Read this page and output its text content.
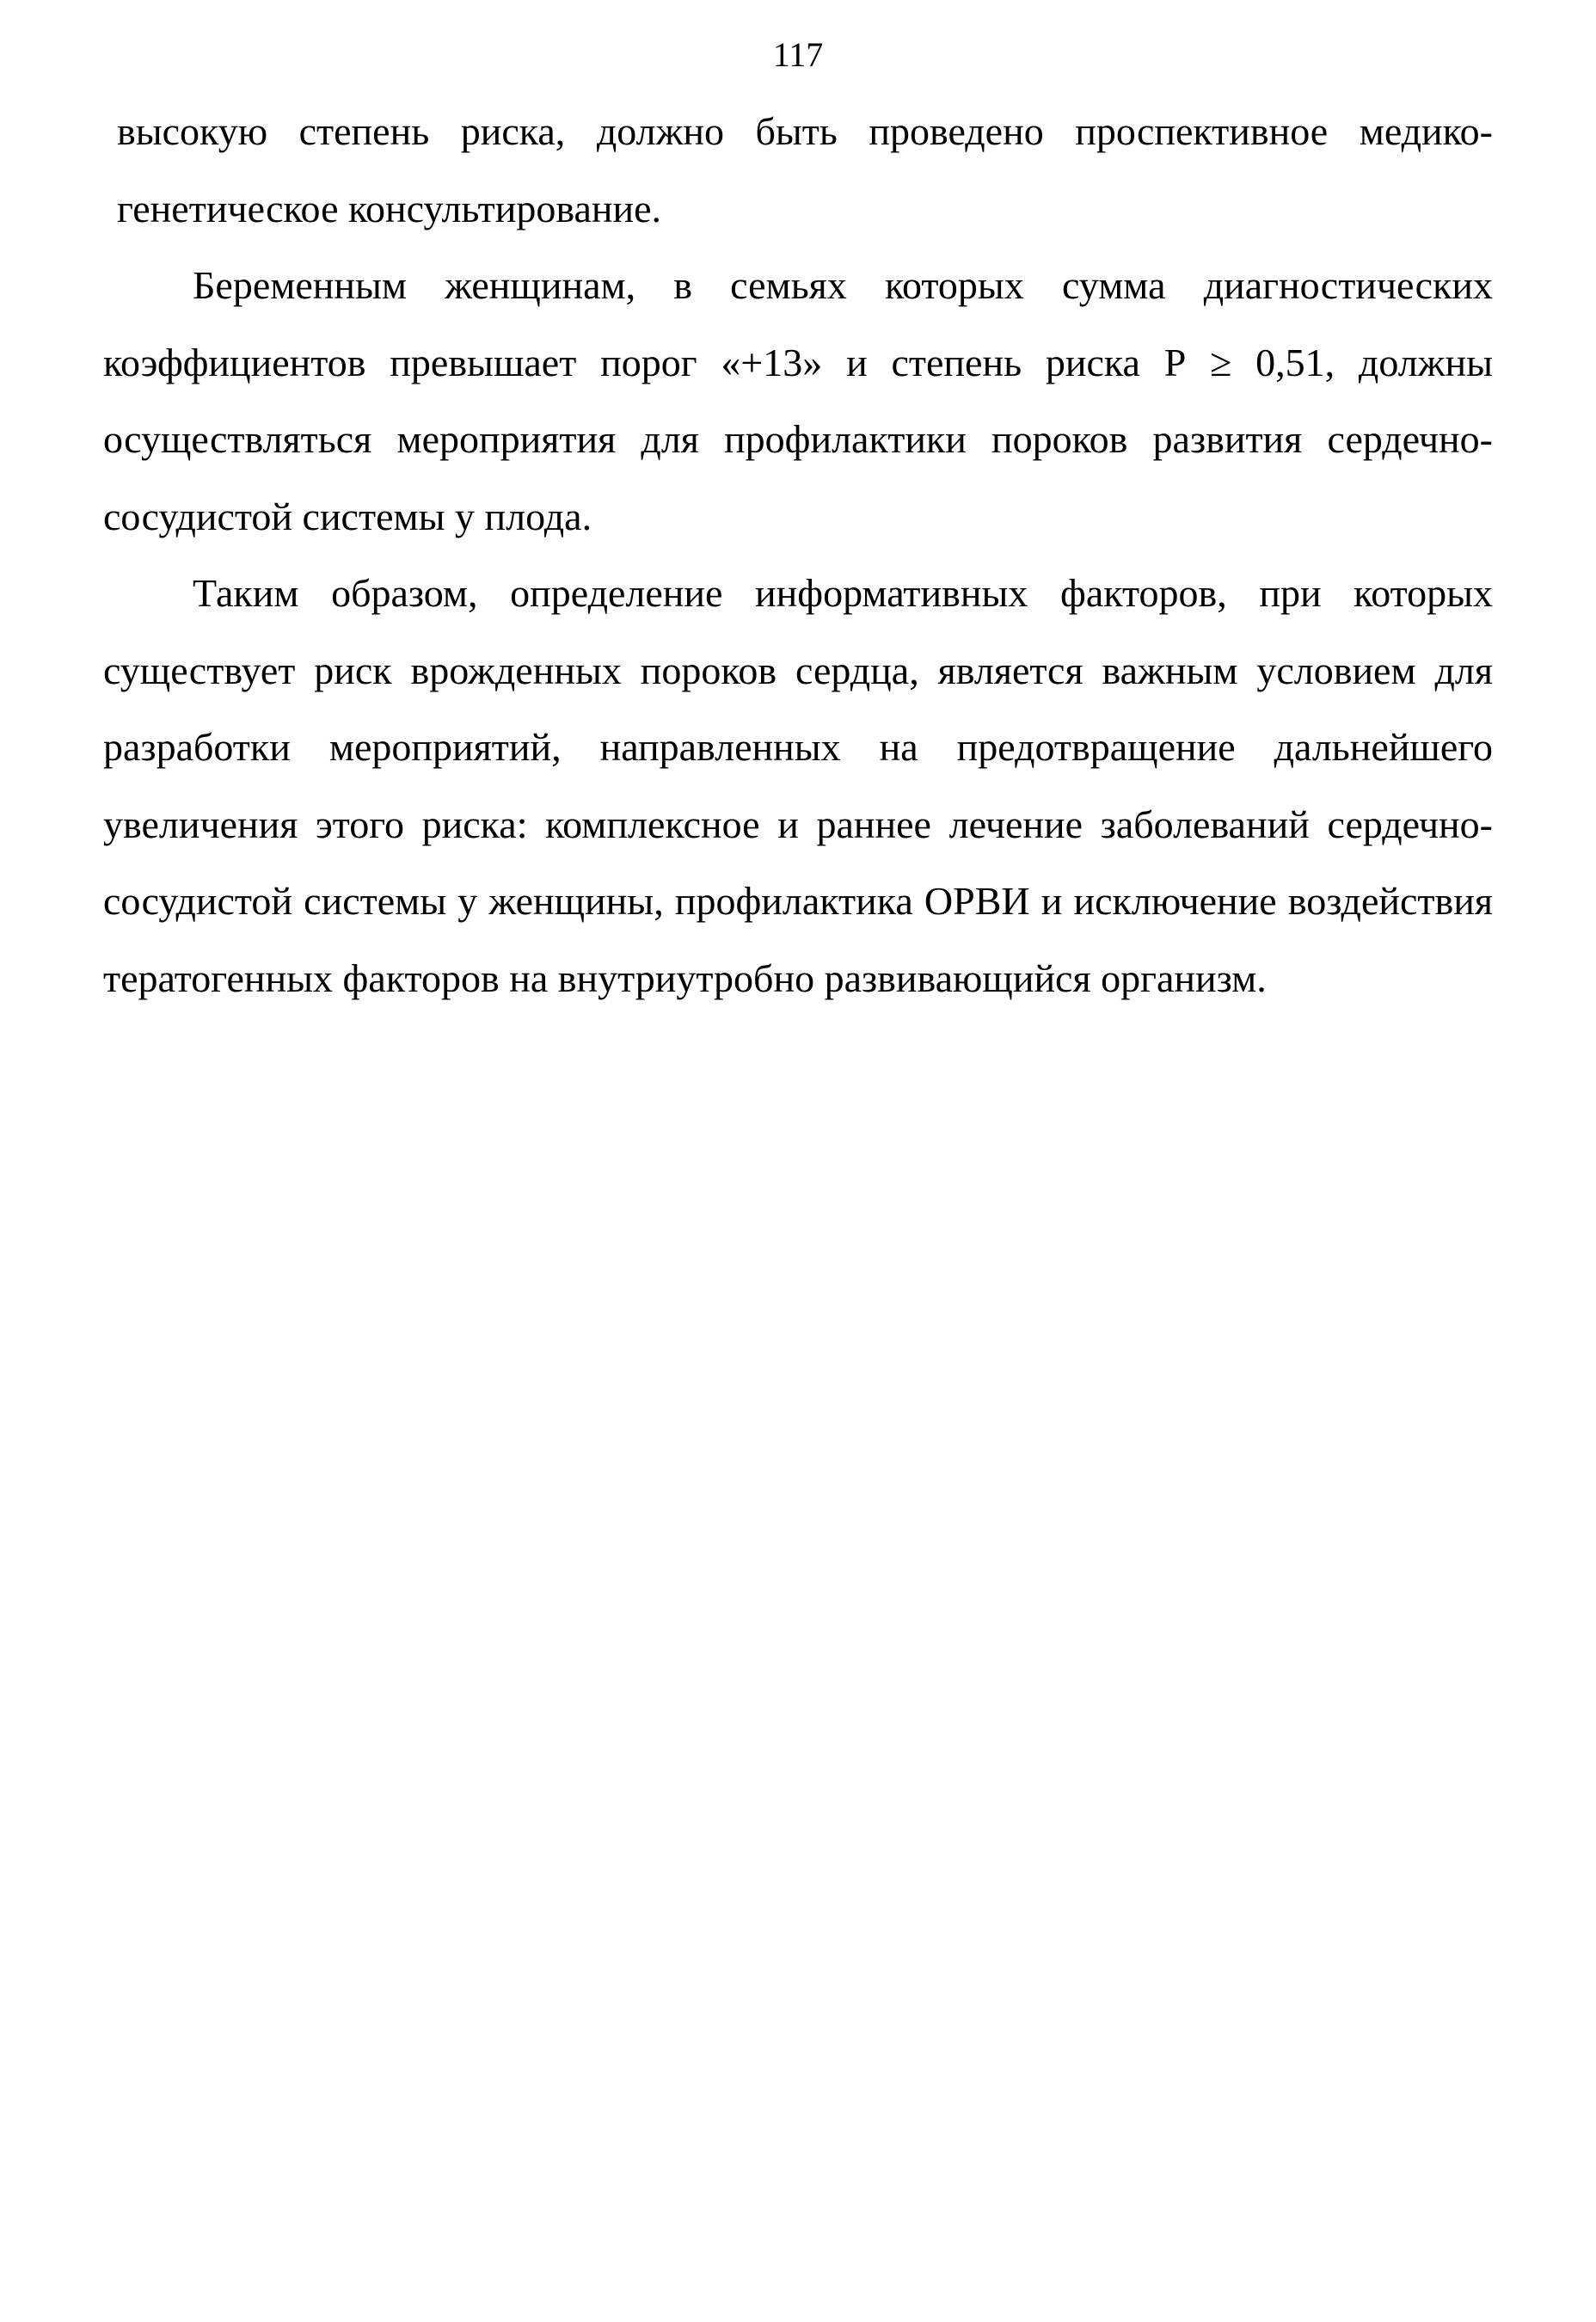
117

высокую степень риска, должно быть проведено проспективное медико-генетическое консультирование.

Беременным женщинам, в семьях которых сумма диагностических коэффициентов превышает порог «+13» и степень риска Р ≥ 0,51, должны осуществляться мероприятия для профилактики пороков развития сердечно-сосудистой системы у плода.

Таким образом, определение информативных факторов, при которых существует риск врожденных пороков сердца, является важным условием для разработки мероприятий, направленных на предотвращение дальнейшего увеличения этого риска: комплексное и раннее лечение заболеваний сердечно-сосудистой системы у женщины, профилактика ОРВИ и исключение воздействия тератогенных факторов на внутриутробно развивающийся организм.
